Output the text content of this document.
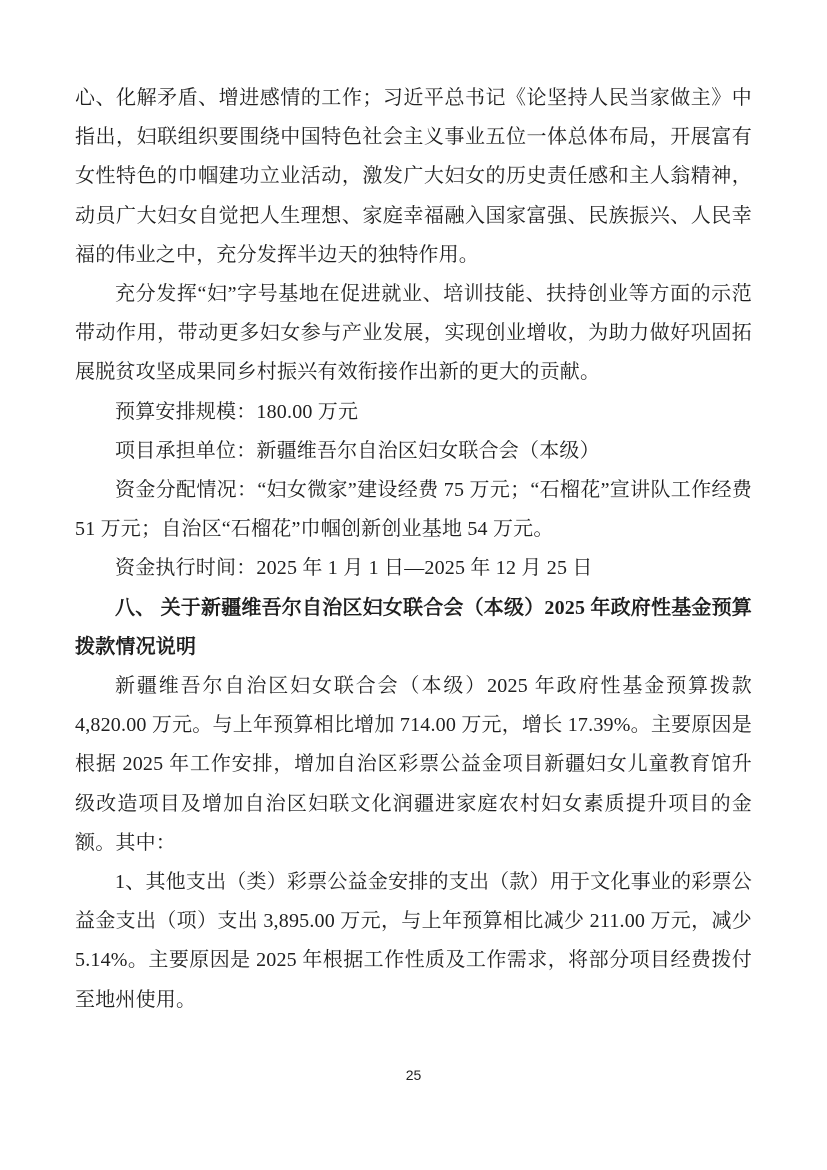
心、化解矛盾、增进感情的工作；习近平总书记《论坚持人民当家做主》中指出，妇联组织要围绕中国特色社会主义事业五位一体总体布局，开展富有女性特色的巾帼建功立业活动，激发广大妇女的历史责任感和主人翁精神，动员广大妇女自觉把人生理想、家庭幸福融入国家富强、民族振兴、人民幸福的伟业之中，充分发挥半边天的独特作用。

充分发挥“妇”字号基地在促进就业、培训技能、扶持创业等方面的示范带动作用，带动更多妇女参与产业发展，实现创业增收，为助力做好巩固拓展脱贫攻坚成果同乡村振兴有效衔接作出新的更大的贡献。

预算安排规模：180.00 万元

项目承担单位：新疆维吾尔自治区妇女联合会（本级）

资金分配情况：“妇女微家”建设经费 75 万元；“石榴花”宣讲队工作经费 51 万元；自治区“石榴花”巾帼创新创业基地 54 万元。

资金执行时间：2025 年 1 月 1 日—2025 年 12 月 25 日

八、 关于新疆维吾尔自治区妇女联合会（本级）2025 年政府性基金预算拨款情况说明

新疆维吾尔自治区妇女联合会（本级）2025 年政府性基金预算拨款 4,820.00 万元。与上年预算相比增加 714.00 万元，增长 17.39%。主要原因是根据 2025 年工作安排，增加自治区彩票公益金项目新疆妇女儿童教育馆升级改造项目及增加自治区妇联文化润疆进家庭农村妇女素质提升项目的金额。其中：

1、其他支出（类）彩票公益金安排的支出（款）用于文化事业的彩票公益金支出（项）支出 3,895.00 万元，与上年预算相比减少 211.00 万元，减少 5.14%。主要原因是 2025 年根据工作性质及工作需求，将部分项目经费拨付至地州使用。

25
